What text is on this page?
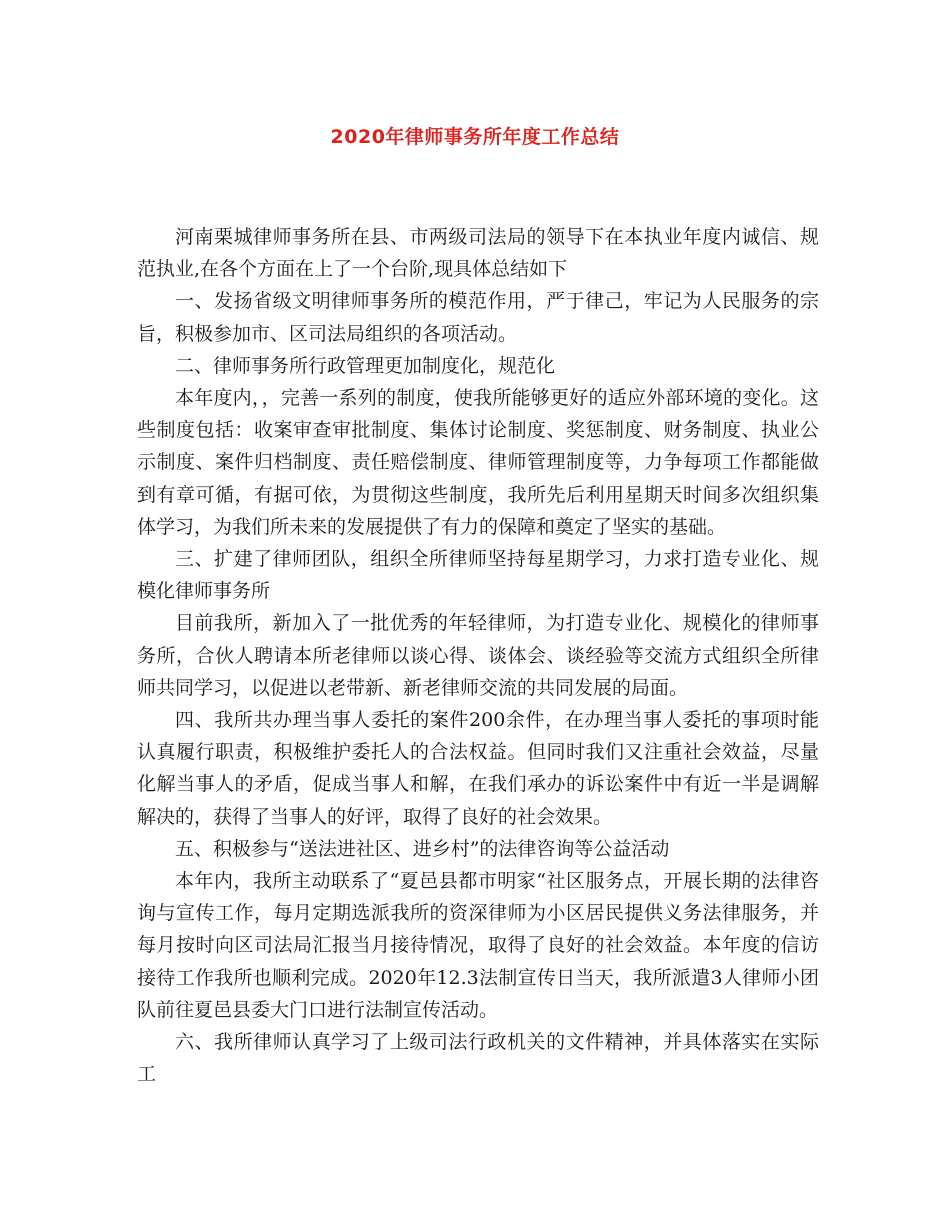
2020年律师事务所年度工作总结

河南栗城律师事务所在县、市两级司法局的领导下在本执业年度内诚信、规范执业,在各个方面在上了一个台阶,现具体总结如下

一、发扬省级文明律师事务所的模范作用，严于律己，牢记为人民服务的宗旨，积极参加市、区司法局组织的各项活动。

二、律师事务所行政管理更加制度化，规范化

本年度内，，完善一系列的制度，使我所能够更好的适应外部环境的变化。这些制度包括：收案审查审批制度、集体讨论制度、奖惩制度、财务制度、执业公示制度、案件归档制度、责任赔偿制度、律师管理制度等，力争每项工作都能做到有章可循，有据可依，为贯彻这些制度，我所先后利用星期天时间多次组织集体学习，为我们所未来的发展提供了有力的保障和奠定了坚实的基础。

三、扩建了律师团队，组织全所律师坚持每星期学习，力求打造专业化、规模化律师事务所

目前我所，新加入了一批优秀的年轻律师，为打造专业化、规模化的律师事务所，合伙人聘请本所老律师以谈心得、谈体会、谈经验等交流方式组织全所律师共同学习，以促进以老带新、新老律师交流的共同发展的局面。

四、我所共办理当事人委托的案件200余件，在办理当事人委托的事项时能认真履行职责，积极维护委托人的合法权益。但同时我们又注重社会效益，尽量化解当事人的矛盾，促成当事人和解，在我们承办的诉讼案件中有近一半是调解解决的，获得了当事人的好评，取得了良好的社会效果。

五、积极参与“送法进社区、进乡村”的法律咨询等公益活动

本年内，我所主动联系了“夏邑县都市明家“社区服务点，开展长期的法律咨询与宣传工作，每月定期选派我所的资深律师为小区居民提供义务法律服务，并每月按时向区司法局汇报当月接待情况，取得了良好的社会效益。本年度的信访接待工作我所也顺利完成。2020年12.3法制宣传日当天，我所派遣3人律师小团队前往夏邑县委大门口进行法制宣传活动。

六、我所律师认真学习了上级司法行政机关的文件精神，并具体落实在实际工
